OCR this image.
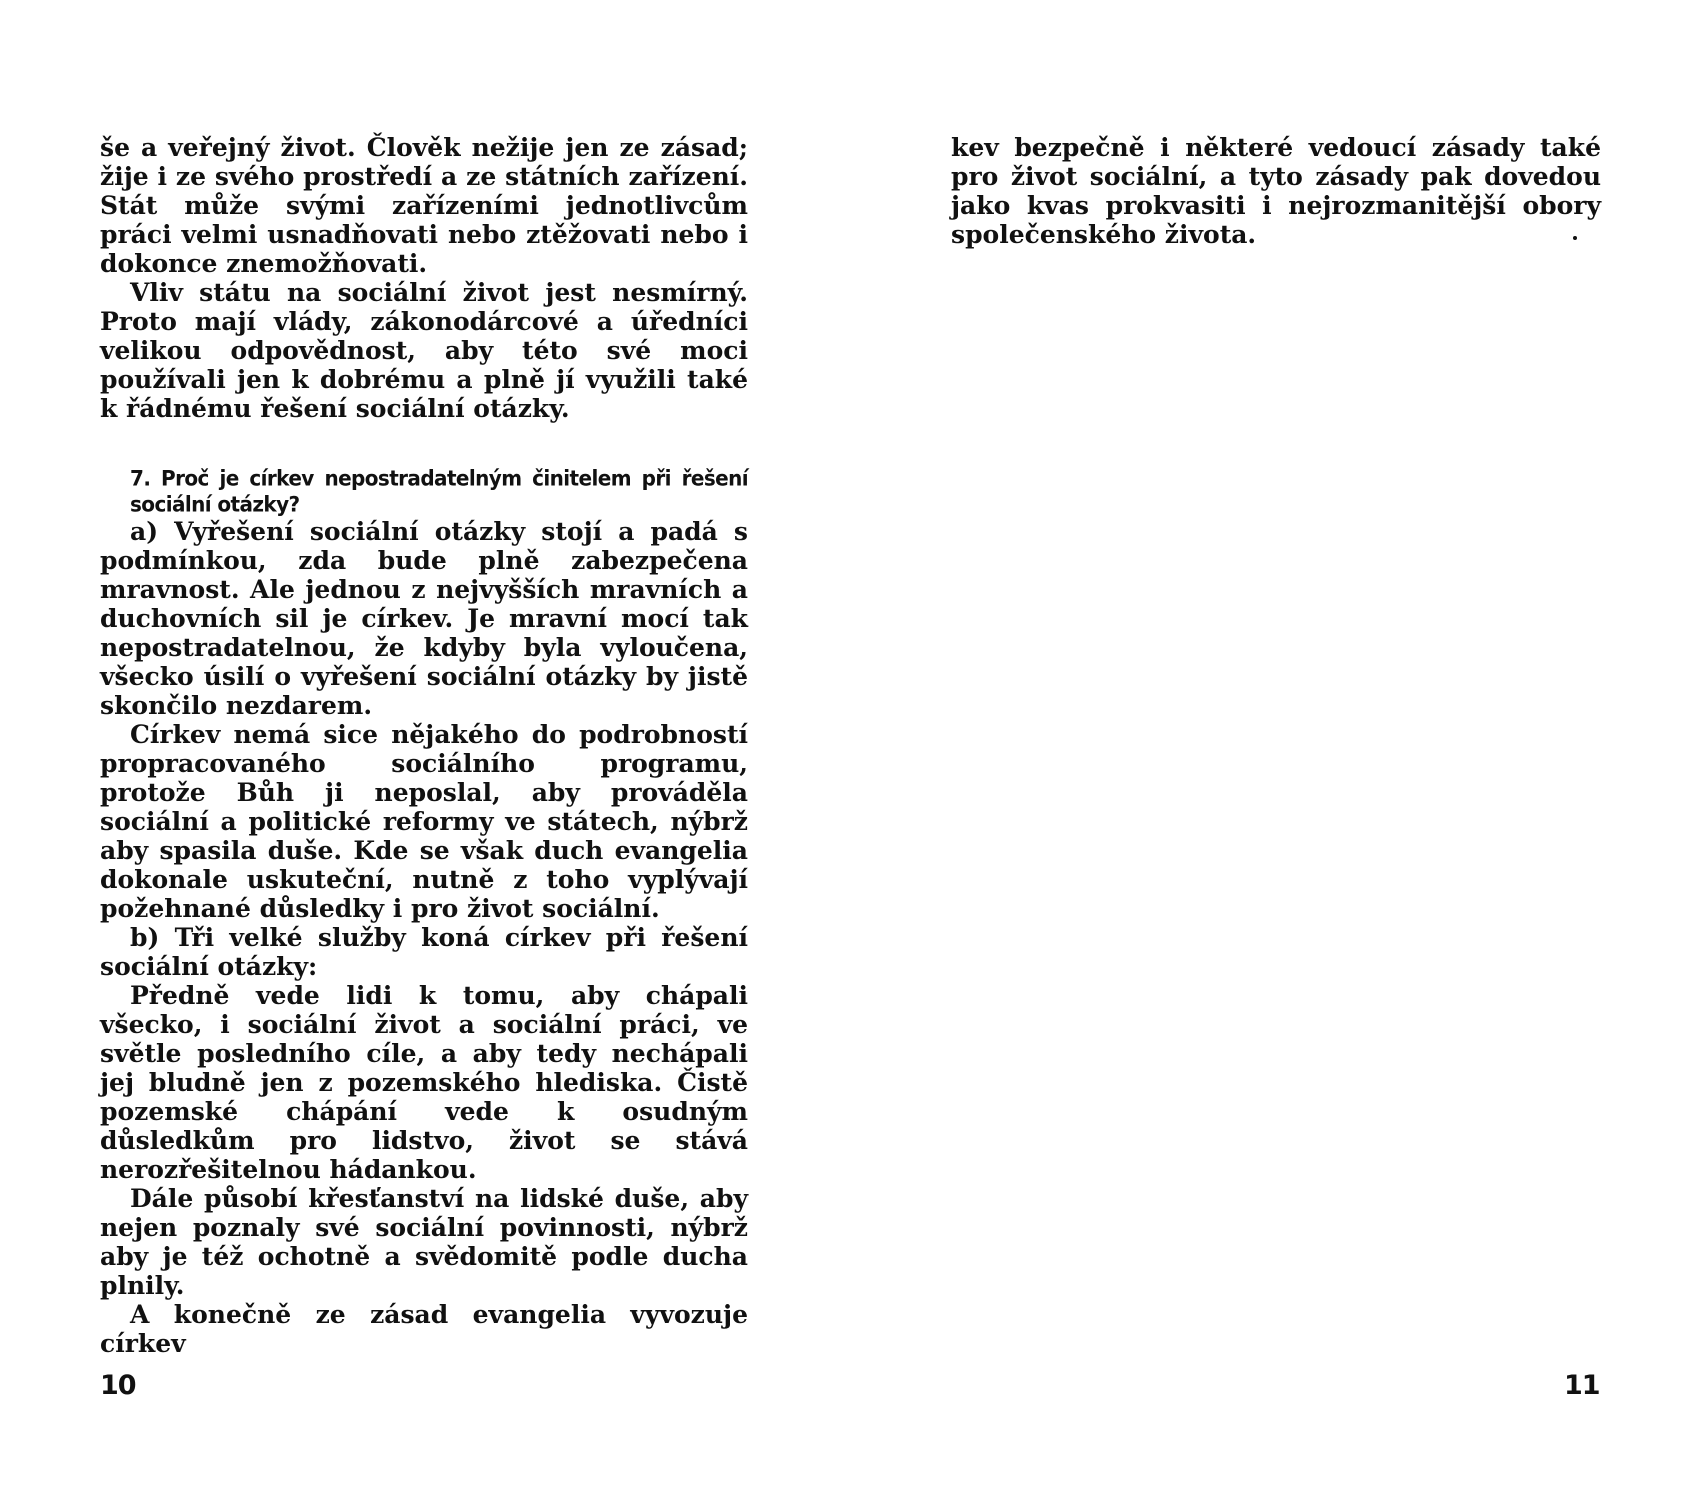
še a veřejný život. Člověk nežije jen ze zásad; žije i ze svého prostředí a ze státních zařízení. Stát může svými zařízeními jednotlivcům práci velmi usnadňovati nebo ztěžovati nebo i dokonce znemožňovati.

Vliv státu na sociální život jest nesmírný. Proto mají vlády, zákonodárcové a úředníci velikou odpovědnost, aby této své moci používali jen k dobrému a plně jí využili také k řádnému řešení sociální otázky.

7. Proč je církev nepostradatelným činitelem při řešení sociální otázky?

a) Vyřešení sociální otázky stojí a padá s podmínkou, zda bude plně zabezpečena mravnost. Ale jednou z nejvyšších mravních a duchovních sil je církev. Je mravní mocí tak nepostradatelnou, že kdyby byla vyloučena, všecko úsilí o vyřešení sociální otázky by jistě skončilo nezdarem.

Církev nemá sice nějakého do podrobností propracovaného sociálního programu, protože Bůh ji neposlal, aby prováděla sociální a politické reformy ve státech, nýbrž aby spasila duše. Kde se však duch evangelia dokonale uskuteční, nutně z toho vyplývají požehnané důsledky i pro život sociální.

b) Tři velké služby koná církev při řešení sociální otázky:

Předně vede lidi k tomu, aby chápali všecko, i sociální život a sociální práci, ve světle posledního cíle, a aby tedy nechápali jej bludně jen z pozemského hlediska. Čistě pozemské chápání vede k osudným důsledkům pro lidstvo, život se stává nerozřešitelnou hádankou.

Dále působí křesťanství na lidské duše, aby nejen poznaly své sociální povinnosti, nýbrž aby je též ochotně a svědomitě podle ducha plnily.

A konečně ze zásad evangelia vyvozuje církev

10

kev bezpečně i některé vedoucí zásady také pro život sociální, a tyto zásady pak dovedou jako kvas prokvasiti i nejrozmanitější obory společenského života.

11
